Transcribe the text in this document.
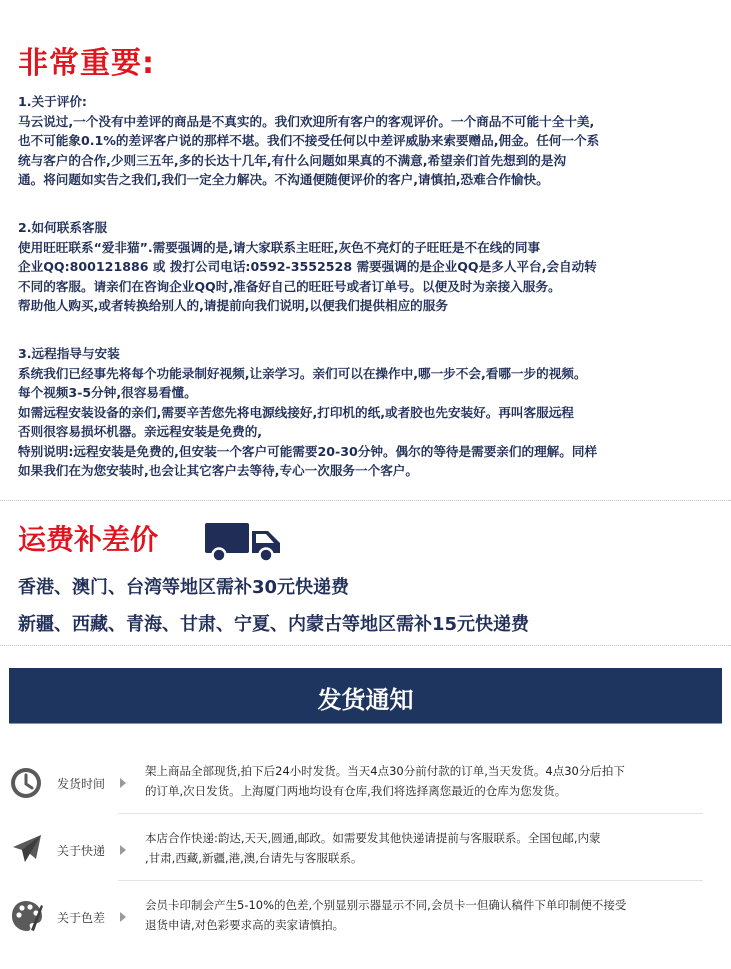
非常重要:
1.关于评价:
马云说过,一个没有中差评的商品是不真实的。我们欢迎所有客户的客观评价。一个商品不可能十全十美,
也不可能象0.1%的差评客户说的那样不堪。我们不接受任何以中差评威胁来索要赠品,佣金。任何一个系
统与客户的合作,少则三五年,多的长达十几年,有什么问题如果真的不满意,希望亲们首先想到的是沟
通。将问题如实告之我们,我们一定全力解决。不沟通便随便评价的客户,请慎拍,恐难合作愉快。
2.如何联系客服
使用旺旺联系“爱非猫”.需要强调的是,请大家联系主旺旺,灰色不亮灯的子旺旺是不在线的同事
企业QQ:800121886 或 拨打公司电话:0592-3552528 需要强调的是企业QQ是多人平台,会自动转
不同的客服。请亲们在咨询企业QQ时,准备好自己的旺旺号或者订单号。以便及时为亲接入服务。
帮助他人购买,或者转换给别人的,请提前向我们说明,以便我们提供相应的服务
3.远程指导与安装
系统我们已经事先将每个功能录制好视频,让亲学习。亲们可以在操作中,哪一步不会,看哪一步的视频。
每个视频3-5分钟,很容易看懂。
如需远程安装设备的亲们,需要辛苦您先将电源线接好,打印机的纸,或者胶也先安装好。再叫客服远程
否则很容易损坏机器。亲远程安装是免费的,
特别说明:远程安装是免费的,但安装一个客户可能需要20-30分钟。偶尔的等待是需要亲们的理解。同样
如果我们在为您安装时,也会让其它客户去等待,专心一次服务一个客户。
运费补差价
香港、澳门、台湾等地区需补30元快递费
新疆、西藏、青海、甘肃、宁夏、内蒙古等地区需补15元快递费
发货通知
发货时间
架上商品全部现货,拍下后24小时发货。当天4点30分前付款的订单,当天发货。4点30分后拍下
的订单,次日发货。上海厦门两地均设有仓库,我们将选择离您最近的仓库为您发货。
关于快递
本店合作快递:韵达,天天,圆通,邮政。如需要发其他快递请提前与客服联系。全国包邮,内蒙
,甘肃,西藏,新疆,港,澳,台请先与客服联系。
关于色差
会员卡印制会产生5-10%的色差,个别显别示器显示不同,会员卡一但确认稿件下单印制便不接受
退货申请,对色彩要求高的卖家请慎拍。
